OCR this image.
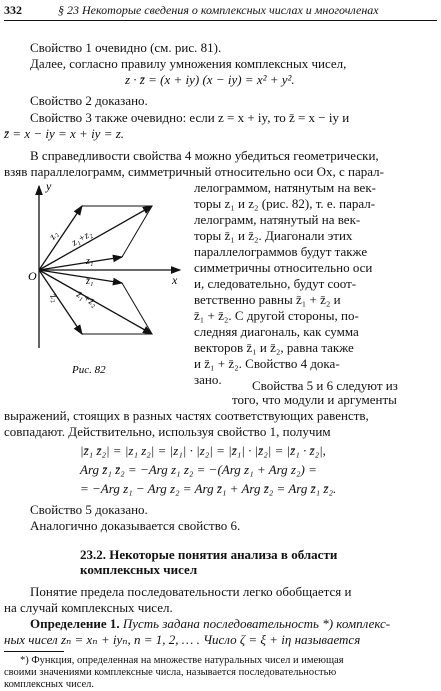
332	§ 23 Некоторые сведения о комплексных числах и многочленах
Свойство 1 очевидно (см. рис. 81).
Далее, согласно правилу умножения комплексных чисел,
z · z̄ = (x + iy) (x − iy) = x² + y².
Свойство 2 доказано.
Свойство 3 также очевидно: если z = x + iy, то z̄ = x − iy и
z̄ = x − iy = x + iy = z.
В справедливости свойства 4 можно убедиться геометрически,
взяв параллелограмм, симметричный относительно оси Ox, с парал-
y
x
O
z₂ z₁+z₂
z₁
z̄₁
z̄₁+z̄₂
z̄₂
Рис. 82
лелограммом, натянутым на век-
торы z₁ и z₂ (рис. 82), т. е. парал-
лелограмм, натянутый на век-
торы z̄₁ и z̄₂. Диагонали этих
параллелограммов будут также
симметричны относительно оси
и, следовательно, будут соот-
ветственно равны z̄₁ + z̄₂ и
z̄₁ + z̄₂. С другой стороны, по-
следняя диагональ, как сумма
векторов z̄₁ и z̄₂, равна также
и z̄₁ + z̄₂. Свойство 4 дока-
зано. Свойства 5 и 6 следуют из
того, что модули и аргументы
выражений, стоящих в разных частях соответствующих равенств,
совпадают. Действительно, используя свойство 1, получим
|z̄₁ z̄₂| = |z₁ z₂| = |z₁| · |z₂| = |z̄₁| · |z̄₂| = |z̄₁ · z̄₂|,
Arg z̄₁ z̄₂ = −Arg z₁ z₂ = −(Arg z₁ + Arg z₂) =
= −Arg z₁ − Arg z₂ = Arg z̄₁ + Arg z̄₂ = Arg z̄₁ z̄₂.
Свойство 5 доказано.
Аналогично доказывается свойство 6.
23.2. Некоторые понятия анализа в области
комплексных чисел
Понятие предела последовательности легко обобщается и
на случай комплексных чисел.
Определение 1. Пусть задана последовательность *) комплекс-
ных чисел zₙ = xₙ + iyₙ, n = 1, 2, … . Число ζ = ξ + iη называется
*) Функция, определенная на множестве натуральных чисел и имеющая
своими значениями комплексные числа, называется последовательностью
комплексных чисел.
